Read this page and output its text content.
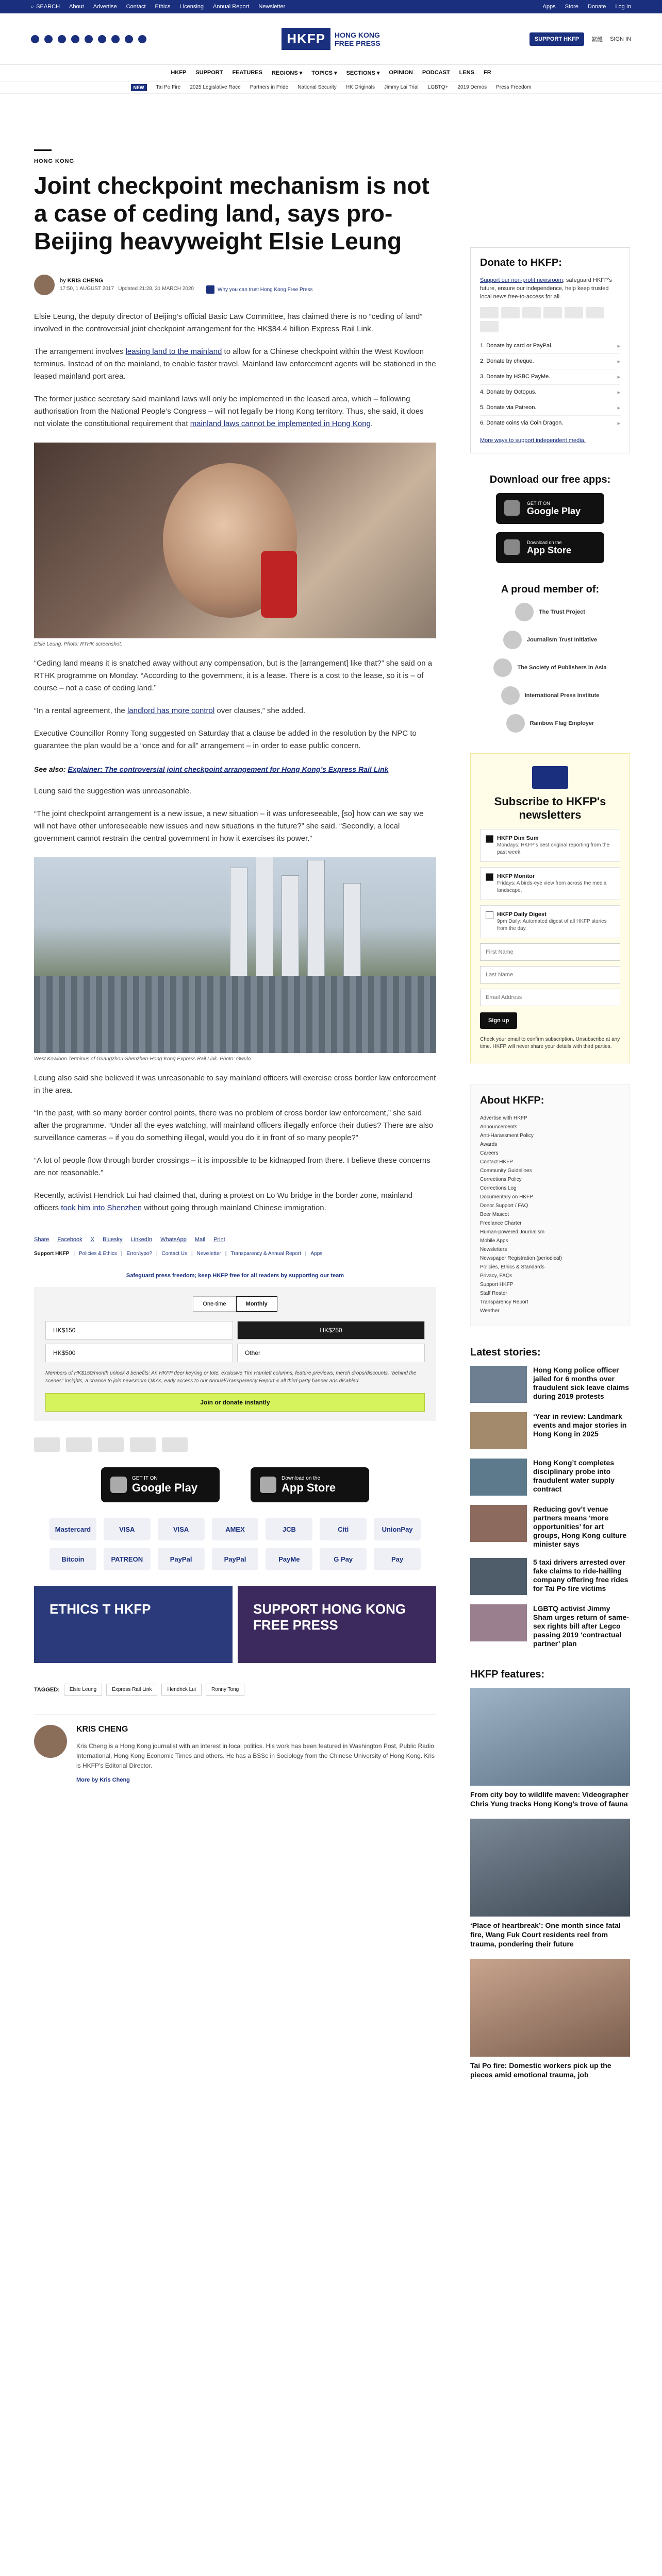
⌕ SEARCH About Advertise Contact Ethics Licensing Annual Report Newsletter	Apps Store Donate Log In
HKFP	HONG KONG
FREE PRESS	SUPPORT HKFP	繁體 SIGN IN
HKFP SUPPORT FEATURES REGIONS ▾ TOPICS ▾ SECTIONS ▾ OPINION PODCAST LENS FR
NEW	Tai Po Fire 2025 Legislative Race Partners in Pride National Security HK Originals Jimmy Lai Trial LGBTQ+ 2019 Demos Press Freedom
HONG KONG
Joint checkpoint mechanism is not a case of ceding land, says pro-Beijing heavyweight Elsie Leung
by KRIS CHENG
17:50, 1 AUGUST 2017 Updated 21:28, 31 MARCH 2020	Why you can trust Hong Kong Free Press

Elsie Leung, the deputy director of Beijing’s official Basic Law Committee, has claimed there is no “ceding of land” involved in the controversial joint checkpoint arrangement for the HK$84.4 billion Express Rail Link.

The arrangement involves leasing land to the mainland to allow for a Chinese checkpoint within the West Kowloon terminus. Instead of on the mainland, to enable faster travel. Mainland law enforcement agents will be stationed in the leased mainland port area.

The former justice secretary said mainland laws will only be implemented in the leased area, which – following authorisation from the National People’s Congress – will not legally be Hong Kong territory. Thus, she said, it does not violate the constitutional requirement that mainland laws cannot be implemented in Hong Kong.

Elsie Leung. Photo: RTHK screenshot.

“Ceding land means it is snatched away without any compensation, but is the [arrangement] like that?” she said on a RTHK programme on Monday. “According to the government, it is a lease. There is a cost to the lease, so it is – of course – not a case of ceding land.”

“In a rental agreement, the landlord has more control over clauses,” she added.

Executive Councillor Ronny Tong suggested on Saturday that a clause be added in the resolution by the NPC to guarantee the plan would be a “once and for all” arrangement – in order to ease public concern.

See also: Explainer: The controversial joint checkpoint arrangement for Hong Kong’s Express Rail Link

Leung said the suggestion was unreasonable.

“The joint checkpoint arrangement is a new issue, a new situation – it was unforeseeable, [so] how can we say we will not have other unforeseeable new issues and new situations in the future?” she said. “Secondly, a local government cannot restrain the central government in how it exercises its power.”

West Kowloon Terminus of Guangzhou-Shenzhen-Hong Kong Express Rail Link. Photo: Gwulo.

Leung also said she believed it was unreasonable to say mainland officers will exercise cross border law enforcement in the area.

“In the past, with so many border control points, there was no problem of cross border law enforcement,” she said after the programme. “Under all the eyes watching, will mainland officers illegally enforce their duties? There are also surveillance cameras – if you do something illegal, would you do it in front of so many people?”

“A lot of people flow through border crossings – it is impossible to be kidnapped from there. I believe these concerns are not reasonable.”

Recently, activist Hendrick Lui had claimed that, during a protest on Lo Wu bridge in the border zone, mainland officers took him into Shenzhen without going through mainland Chinese immigration.

Share Facebook X Bluesky LinkedIn WhatsApp Mail Print
Support HKFP | Policies & Ethics | Error/typo? | Contact Us | Newsletter | Transparency & Annual Report | Apps
Safeguard press freedom; keep HKFP free for all readers by supporting our team
One-time	Monthly
HK$150	HK$250
HK$500	Other
Members of HK$150/month unlock 8 benefits: An HKFP deer keyring or tote, exclusive Tim Hamlett columns, feature previews, merch drops/discounts, “behind the scenes” insights, a chance to join newsroom Q&As, early access to our Annual/Transparency Report & all third-party banner ads disabled.
Join or donate instantly
GET IT ON
Google Play
Download on the
App Store
Mastercard	VISA	VISA	AMEX	JCB	Citi	UnionPay
Bitcoin	PATREON	PayPal	PayPal	PayMe	G Pay	Pay
ETHICS T HKFP	SUPPORT HONG KONG FREE PRESS
TAGGED:	Elsie Leung	Express Rail Link	Hendrick Lui	Ronny Tong
KRIS CHENG

Kris Cheng is a Hong Kong journalist with an interest in local politics. His work has been featured in Washington Post, Public Radio International, Hong Kong Economic Times and others. He has a BSSc in Sociology from the Chinese University of Hong Kong. Kris is HKFP’s Editorial Director.

More by Kris Cheng
Donate to HKFP:

Support our non-profit newsroom; safeguard HKFP's future, ensure our independence, help keep trusted local news free-to-access for all.

1. Donate by card or PayPal. ▸
2. Donate by cheque. ▸
3. Donate by HSBC PayMe. ▸
4. Donate by Octopus. ▸
5. Donate via Patreon. ▸
6. Donate coins via Coin Dragon. ▸
More ways to support independent media.
Download our free apps:
GET IT ON
Google Play
Download on the
App Store
A proud member of:
The Trust Project
Journalism Trust Initiative
The Society of Publishers in Asia
International Press Institute
Rainbow Flag Employer
Subscribe to HKFP's newsletters
HKFP Dim Sum
Mondays: HKFP's best original reporting from the past week.
HKFP Monitor
Fridays: A birds-eye view from across the media landscape.
HKFP Daily Digest
9pm Daily: Automated digest of all HKFP stories from the day.
First Name
Last Name
Email Address
Sign up
Check your email to confirm subscription. Unsubscribe at any time. HKFP will never share your details with third parties.
About HKFP:
Advertise with HKFP
Announcements
Anti-Harassment Policy
Awards
Careers
Contact HKFP
Community Guidelines
Corrections Policy
Corrections Log
Documentary on HKFP
Donor Support / FAQ
Beer Mascot
Freelance Charter
Human-powered Journalism
Mobile Apps
Newsletters
Newspaper Registration (periodical)
Policies, Ethics & Standards
Privacy, FAQs
Support HKFP
Staff Roster
Transparency Report
Weather
Latest stories:
Hong Kong police officer jailed for 6 months over fraudulent sick leave claims during 2019 protests
‘Year in review: Landmark events and major stories in Hong Kong in 2025
Hong Kong’t completes disciplinary probe into fraudulent water supply contract
Reducing gov’t venue partners means ‘more opportunities’ for art groups, Hong Kong culture minister says
5 taxi drivers arrested over fake claims to ride-hailing company offering free rides for Tai Po fire victims
LGBTQ activist Jimmy Sham urges return of same-sex rights bill after Legco passing 2019 ‘contractual partner’ plan
HKFP features:
From city boy to wildlife maven: Videographer Chris Yung tracks Hong Kong’s trove of fauna
‘Place of heartbreak’: One month since fatal fire, Wang Fuk Court residents reel from trauma, pondering their future
Tai Po fire: Domestic workers pick up the pieces amid emotional trauma, job
